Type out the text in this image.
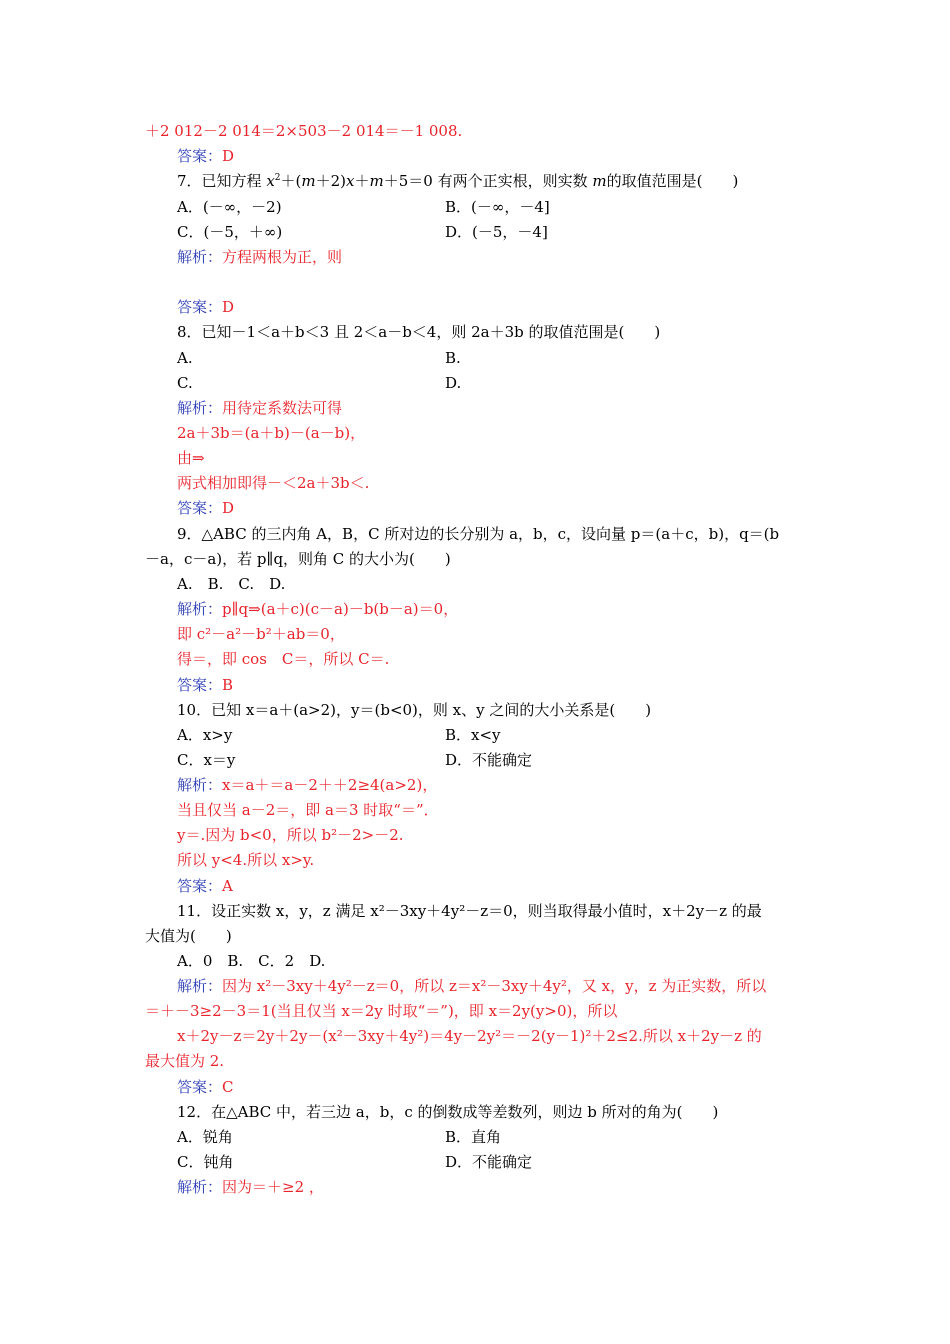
＋2 012－2 014＝2×503－2 014＝－1 008.
答案：D
7．已知方程 $x^2+(m+2)x+m+5=0$ 有两个正实根，则实数 m的取值范围是(　　)
A．(－∞，－2)	B．(－∞，－4]
C．(－5，＋∞)	D．(－5，－4]
解析：方程两根为正，则
答案：D
8．已知－1＜a＋b＜3 且 2＜a－b＜4，则 2a＋3b 的取值范围是(　　)
A.	B.
C.	D.
解析：用待定系数法可得
2a＋3b＝(a＋b)－(a－b)，
由⇒
两式相加即得－＜2a＋3b＜.
答案：D
9．△ABC 的三内角 A，B，C 所对边的长分别为 a，b，c，设向量 p＝(a＋c，b)，q＝(b
－a，c－a)，若 p∥q，则角 C 的大小为(　　)
A.　B.　C.　D.
解析：p∥q⇒(a＋c)(c－a)－b(b－a)＝0，
即 c²－a²－b²＋ab＝0，
得＝，即 cos　C＝，所以 C＝.
答案：B
10．已知 x＝a＋(a>2)，y＝(b<0)，则 x、y 之间的大小关系是(　　)
A．x>y	B．x<y
C．x＝y	D．不能确定
解析：x＝a＋＝a－2＋＋2≥4(a>2)，
当且仅当 a－2＝，即 a＝3 时取“＝”．
y＝.因为 b<0，所以 b²－2>－2.
所以 y<4.所以 x>y.
答案：A
11．设正实数 x，y，z 满足 x²－3xy＋4y²－z＝0，则当取得最小值时，x＋2y－z 的最
大值为(　　)
A．0　B.　C．2　D.
解析：因为 x²－3xy＋4y²－z＝0，所以 z＝x²－3xy＋4y²，又 x，y，z 为正实数，所以
＝＋－3≥2－3＝1(当且仅当 x＝2y 时取“＝”)，即 x＝2y(y>0)，所以
x＋2y－z＝2y＋2y－(x²－3xy＋4y²)＝4y－2y²＝－2(y－1)²＋2≤2.所以 x＋2y－z 的
最大值为 2.
答案：C
12．在△ABC 中，若三边 a，b，c 的倒数成等差数列，则边 b 所对的角为(　　)
A．锐角	B．直角
C．钝角	D．不能确定
解析：因为＝＋≥2 ，
